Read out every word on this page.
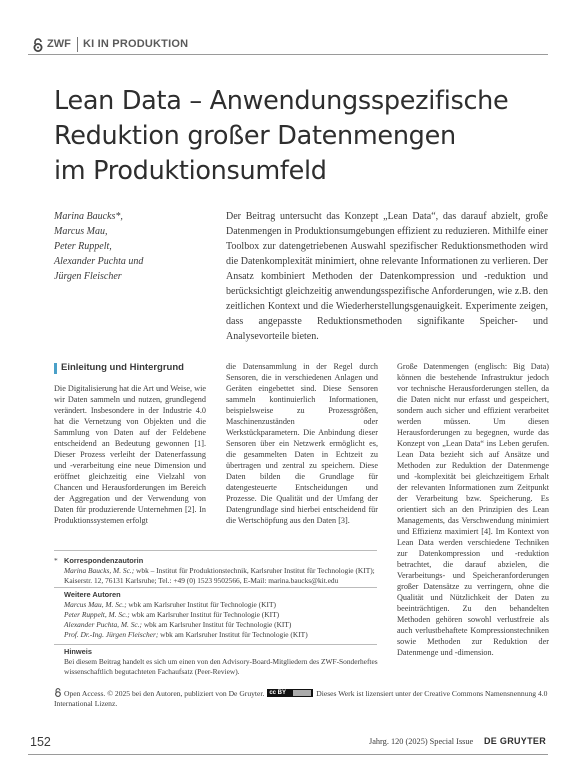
ZWF KI IN PRODUKTION
Lean Data – Anwendungsspezifische
Reduktion großer Datenmengen
im Produktionsumfeld
Marina Baucks*,
Marcus Mau,
Peter Ruppelt,
Alexander Puchta und
Jürgen Fleischer
Der Beitrag untersucht das Konzept „Lean Data“, das darauf abzielt, große Datenmengen in Produktionsumgebungen effizient zu reduzieren. Mithilfe einer Toolbox zur datengetriebenen Auswahl spezifischer Reduktionsmethoden wird die Datenkomplexität minimiert, ohne relevante Informationen zu verlieren. Der Ansatz kombiniert Methoden der Datenkompression und -reduktion und berücksichtigt gleichzeitig anwendungsspezifische Anforderungen, wie z.B. den zeitlichen Kontext und die Wiederherstellungsgenauigkeit. Experimente zeigen, dass angepasste Reduktionsmethoden signifikante Speicher- und Analysevorteile bieten.
Einleitung und Hintergrund
Die Digitalisierung hat die Art und Weise, wie wir Daten sammeln und nutzen, grundlegend verändert. Insbesondere in der Industrie 4.0 hat die Vernetzung von Objekten und die Sammlung von Daten auf der Feldebene entscheidend an Bedeutung gewonnen [1]. Dieser Prozess verleiht der Datenerfassung und -verarbeitung eine neue Dimension und eröffnet gleichzeitig eine Vielzahl von Chancen und Herausforderungen im Bereich der Aggregation und der Verwendung von Daten für produzierende Unternehmen [2]. In Produktionssystemen erfolgt
die Datensammlung in der Regel durch Sensoren, die in verschiedenen Anlagen und Geräten eingebettet sind. Diese Sensoren sammeln kontinuierlich Informationen, beispielsweise zu Prozessgrößen, Maschinenzuständen oder Werkstückparametern. Die Anbindung dieser Sensoren über ein Netzwerk ermöglicht es, die gesammelten Daten in Echtzeit zu übertragen und zentral zu speichern. Diese Daten bilden die Grundlage für datengesteuerte Entscheidungen und Prozesse. Die Qualität und der Umfang der Datengrundlage sind hierbei entscheidend für die Wertschöpfung aus den Daten [3].
Große Datenmengen (englisch: Big Data) können die bestehende Infrastruktur jedoch vor technische Herausforderungen stellen, da die Daten nicht nur erfasst und gespeichert, sondern auch sicher und effizient verarbeitet werden müssen. Um diesen Herausforderungen zu begegnen, wurde das Konzept von „Lean Data“ ins Leben gerufen. Lean Data bezieht sich auf Ansätze und Methoden zur Reduktion der Datenmenge und -komplexität bei gleichzeitigem Erhalt der relevanten Informationen zum Zeitpunkt der Verarbeitung bzw. Speicherung. Es orientiert sich an den Prinzipien des Lean Managements, das Verschwendung minimiert und Effizienz maximiert [4]. Im Kontext von Lean Data werden verschiedene Techniken zur Datenkompression und -reduktion betrachtet, die darauf abzielen, die Verarbeitungs- und Speicheranforderungen großer Datensätze zu verringern, ohne die Qualität und Nützlichkeit der Daten zu beeinträchtigen. Zu den behandelten Methoden gehören sowohl verlustfreie als auch verlustbehaftete Kompressionstechniken sowie Methoden zur Reduktion der Datenmenge und -dimension.
* Korrespondenzautorin
Marina Baucks, M. Sc.; wbk – Institut für Produktionstechnik, Karlsruher Institut für Technologie (KIT); Kaiserstr. 12, 76131 Karlsruhe; Tel.: +49 (0) 1523 9502566, E-Mail: marina.baucks@kit.edu
Weitere Autoren
Marcus Mau, M. Sc.; wbk am Karlsruher Institut für Technologie (KIT)
Peter Ruppelt, M. Sc.; wbk am Karlsruher Institut für Technologie (KIT)
Alexander Puchta, M. Sc.; wbk am Karlsruher Institut für Technologie (KIT)
Prof. Dr.-Ing. Jürgen Fleischer; wbk am Karlsruher Institut für Technologie (KIT)
Hinweis
Bei diesem Beitrag handelt es sich um einen von den Advisory-Board-Mitgliedern des ZWF-Sonderheftes wissenschaftlich begutachteten Fachaufsatz (Peer-Review).
Open Access. © 2025 bei den Autoren, publiziert von De Gruyter. cc BY	Dieses Werk ist lizensiert unter der Creative Commons Namensnennung 4.0 International Lizenz.
152	Jahrg. 120 (2025) Special Issue DE GRUYTER
